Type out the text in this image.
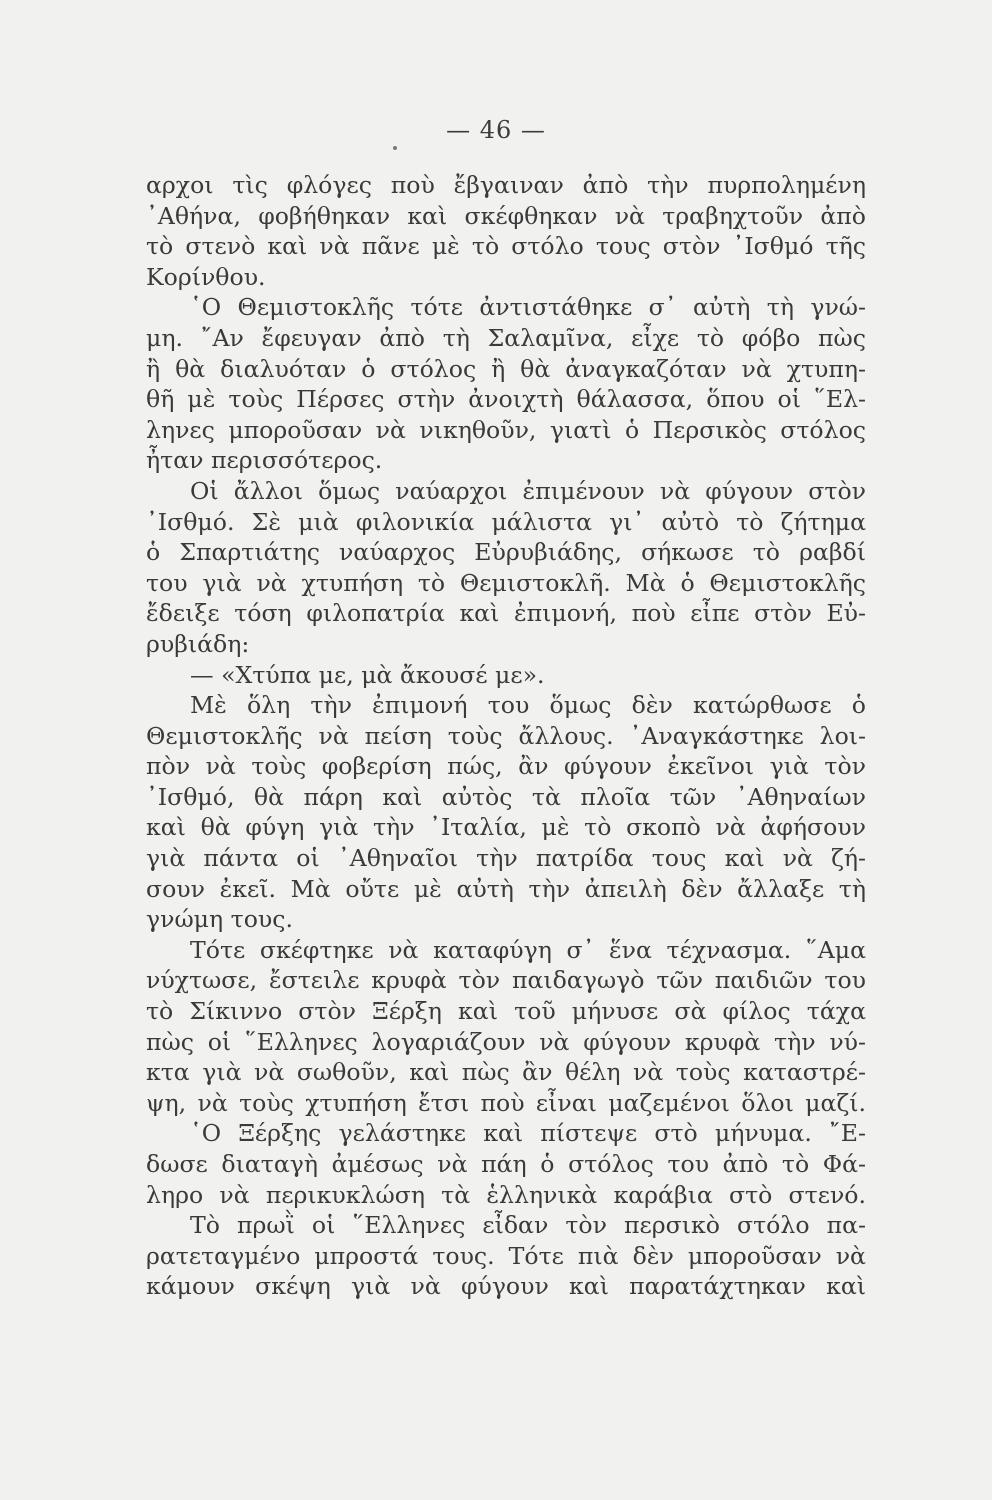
— 46 —
αρχοι τὶς φλόγες ποὺ ἔβγαιναν ἀπὸ τὴν πυρπολημένη
᾿Αθήνα, φοβήθηκαν καὶ σκέφθηκαν νὰ τραβηχτοῦν ἀπὸ
τὸ στενὸ καὶ νὰ πᾶνε μὲ τὸ στόλο τους στὸν ᾿Ισθμό τῆς
Κορίνθου.
῾Ο Θεμιστοκλῆς τότε ἀντιστάθηκε σ᾿ αὐτὴ τὴ γνώ-
μη. ῎Αν ἔφευγαν ἀπὸ τὴ Σαλαμῖνα, εἶχε τὸ φόβο πὼς
ἢ θὰ διαλυόταν ὁ στόλος ἢ θὰ ἀναγκαζόταν νὰ χτυπη-
θῆ μὲ τοὺς Πέρσες στὴν ἀνοιχτὴ θάλασσα, ὅπου οἱ ῞Ελ-
ληνες μποροῦσαν νὰ νικηθοῦν, γιατὶ ὁ Περσικὸς στόλος
ἦταν περισσότερος.
Οἱ ἄλλοι ὅμως ναύαρχοι ἐπιμένουν νὰ φύγουν στὸν
᾿Ισθμό. Σὲ μιὰ φιλονικία μάλιστα γι᾿ αὐτὸ τὸ ζήτημα
ὁ Σπαρτιάτης ναύαρχος Εὐρυβιάδης, σήκωσε τὸ ραβδί
του γιὰ νὰ χτυπήση τὸ Θεμιστοκλῆ. Μὰ ὁ Θεμιστοκλῆς
ἔδειξε τόση φιλοπατρία καὶ ἐπιμονή, ποὺ εἶπε στὸν Εὐ-
ρυβιάδη:
— «Χτύπα με, μὰ ἄκουσέ με».
Μὲ ὅλη τὴν ἐπιμονή του ὅμως δὲν κατώρθωσε ὁ
Θεμιστοκλῆς νὰ πείση τοὺς ἄλλους. ᾿Αναγκάστηκε λοι-
πὸν νὰ τοὺς φοβερίση πώς, ἂν φύγουν ἐκεῖνοι γιὰ τὸν
᾿Ισθμό, θὰ πάρη καὶ αὐτὸς τὰ πλοῖα τῶν ᾿Αθηναίων
καὶ θὰ φύγη γιὰ τὴν ᾿Ιταλία, μὲ τὸ σκοπὸ νὰ ἀφήσουν
γιὰ πάντα οἱ ᾿Αθηναῖοι τὴν πατρίδα τους καὶ νὰ ζή-
σουν ἐκεῖ. Μὰ οὔτε μὲ αὐτὴ τὴν ἀπειλὴ δὲν ἄλλαξε τὴ
γνώμη τους.
Τότε σκέφτηκε νὰ καταφύγη σ᾿ ἕνα τέχνασμα. ῞Αμα
νύχτωσε, ἔστειλε κρυφὰ τὸν παιδαγωγὸ τῶν παιδιῶν του
τὸ Σίκιννο στὸν Ξέρξη καὶ τοῦ μήνυσε σὰ φίλος τάχα
πὼς οἱ ῞Ελληνες λογαριάζουν νὰ φύγουν κρυφὰ τὴν νύ-
κτα γιὰ νὰ σωθοῦν, καὶ πὼς ἂν θέλη νὰ τοὺς καταστρέ-
ψη, νὰ τοὺς χτυπήση ἔτσι ποὺ εἶναι μαζεμένοι ὅλοι μαζί.
῾Ο Ξέρξης γελάστηκε καὶ πίστεψε στὸ μήνυμα. ῎Ε-
δωσε διαταγὴ ἀμέσως νὰ πάη ὁ στόλος του ἀπὸ τὸ Φά-
ληρο νὰ περικυκλώση τὰ ἑλληνικὰ καράβια στὸ στενό.
Τὸ πρωῒ οἱ ῞Ελληνες εἶδαν τὸν περσικὸ στόλο πα-
ρατεταγμένο μπροστά τους. Τότε πιὰ δὲν μποροῦσαν νὰ
κάμουν σκέψη γιὰ νὰ φύγουν καὶ παρατάχτηκαν καὶ
